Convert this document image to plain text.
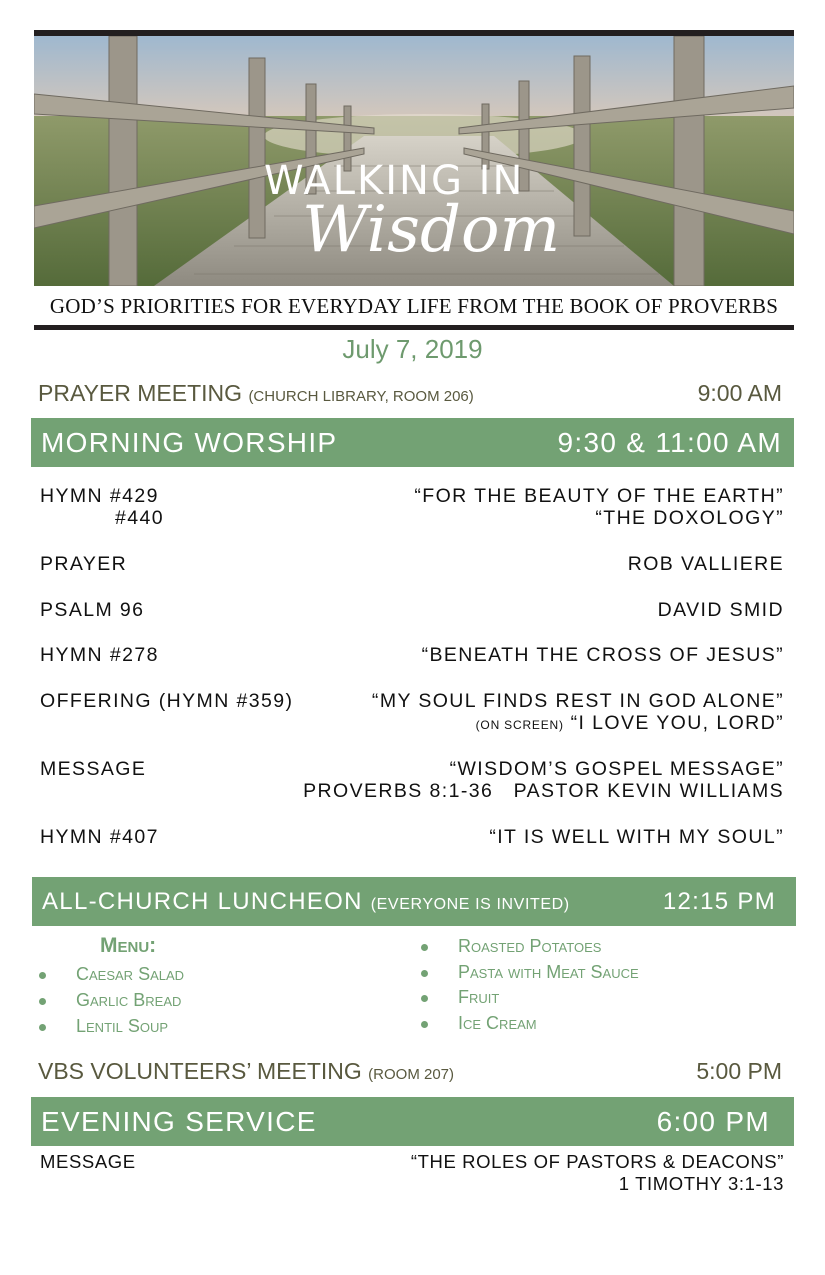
WALKING IN
Wisdom
GOD’S PRIORITIES FOR EVERYDAY LIFE FROM THE BOOK OF PROVERBS
July 7, 2019
PRAYER MEETING (CHURCH LIBRARY, ROOM 206)	9:00 AM
MORNING WORSHIP	9:30 & 11:00 AM
HYMN #429	“FOR THE BEAUTY OF THE EARTH”
#440	“THE DOXOLOGY”
PRAYER	ROB VALLIERE
PSALM 96	DAVID SMID
HYMN #278	“BENEATH THE CROSS OF JESUS”
OFFERING (HYMN #359)	“MY SOUL FINDS REST IN GOD ALONE”
(ON SCREEN) “I LOVE YOU, LORD”
MESSAGE	“WISDOM’S GOSPEL MESSAGE”
PROVERBS 8:1-36   PASTOR KEVIN WILLIAMS
HYMN #407	“IT IS WELL WITH MY SOUL”
ALL-CHURCH LUNCHEON (EVERYONE IS INVITED)	12:15 PM
Menu:
Caesar Salad
Garlic Bread
Lentil Soup
Roasted Potatoes
Pasta with Meat Sauce
Fruit
Ice Cream
VBS VOLUNTEERS’ MEETING (ROOM 207)	5:00 PM
EVENING SERVICE	6:00 PM
MESSAGE	“THE ROLES OF PASTORS & DEACONS”
1 TIMOTHY 3:1-13
